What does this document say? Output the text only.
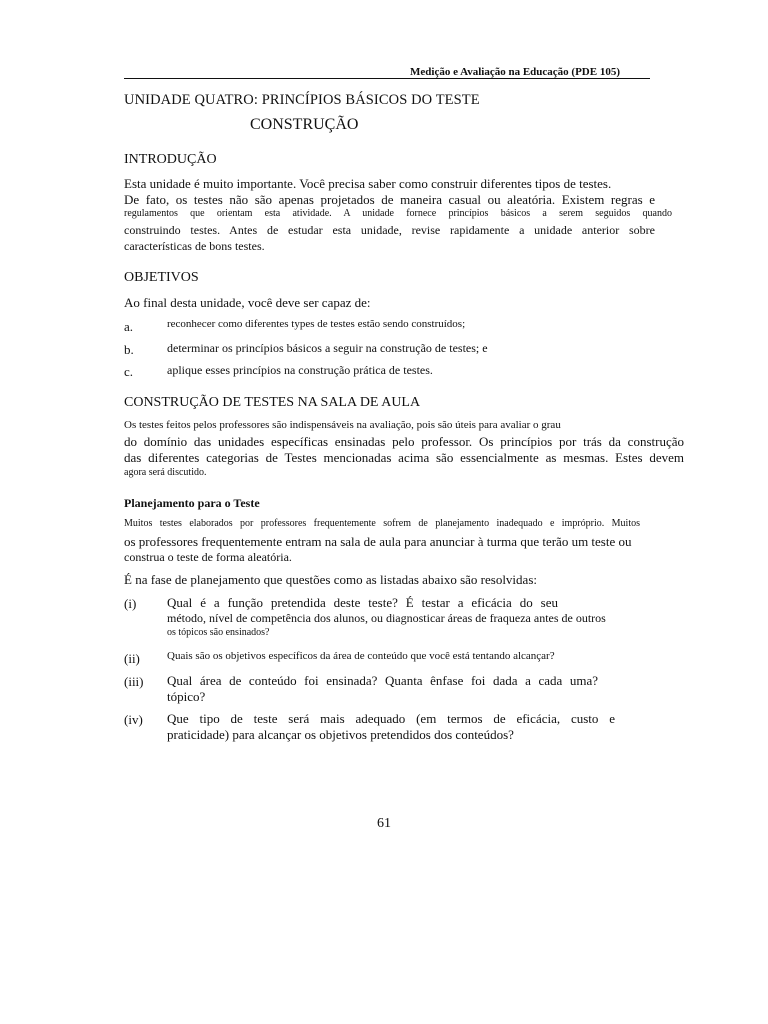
Medição e Avaliação na Educação (PDE 105)
UNIDADE QUATRO: PRINCÍPIOS BÁSICOS DO TESTE
CONSTRUÇÃO
INTRODUÇÃO
Esta unidade é muito importante. Você precisa saber como construir diferentes tipos de testes.
De fato, os testes não são apenas projetados de maneira casual ou aleatória. Existem regras e
regulamentos que orientam esta atividade. A unidade fornece princípios básicos a serem seguidos quando
construindo testes. Antes de estudar esta unidade, revise rapidamente a unidade anterior sobre
características de bons testes.
OBJETIVOS
Ao final desta unidade, você deve ser capaz de:
a.	reconhecer como diferentes types de testes estão sendo construídos;
b.	determinar os princípios básicos a seguir na construção de testes; e
c.	aplique esses princípios na construção prática de testes.
CONSTRUÇÃO DE TESTES NA SALA DE AULA
Os testes feitos pelos professores são indispensáveis na avaliação, pois são úteis para avaliar o grau
do domínio das unidades específicas ensinadas pelo professor. Os princípios por trás da construção
das diferentes categorias de Testes mencionadas acima são essencialmente as mesmas. Estes devem
agora será discutido.
Planejamento para o Teste
Muitos testes elaborados por professores frequentemente sofrem de planejamento inadequado e impróprio. Muitos
os professores frequentemente entram na sala de aula para anunciar à turma que terão um teste ou
construa o teste de forma aleatória.
É na fase de planejamento que questões como as listadas abaixo são resolvidas:
(i) Qual é a função pretendida deste teste? É testar a eficácia do seu
método, nível de competência dos alunos, ou diagnosticar áreas de fraqueza antes de outros
os tópicos são ensinados?
(ii) Quais são os objetivos específicos da área de conteúdo que você está tentando alcançar?
(iii) Qual área de conteúdo foi ensinada? Quanta ênfase foi dada a cada uma?
tópico?
(iv) Que tipo de teste será mais adequado (em termos de eficácia, custo e
praticidade) para alcançar os objetivos pretendidos dos conteúdos?
61
